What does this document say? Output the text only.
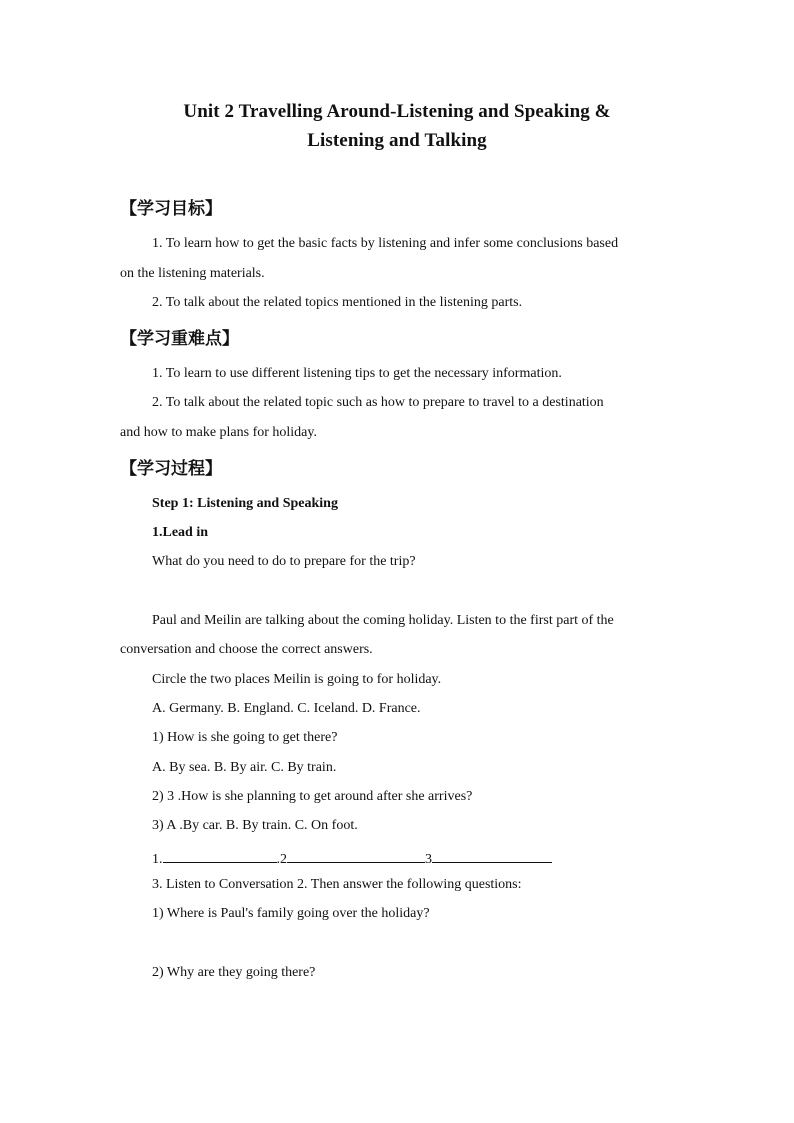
Unit 2 Travelling Around-Listening and Speaking &
Listening and Talking
【学习目标】
1. To learn how to get the basic facts by listening and infer some conclusions based
on the listening materials.
2. To talk about the related topics mentioned in the listening parts.
【学习重难点】
1. To learn to use different listening tips to get the necessary information.
2. To talk about the related topic such as how to prepare to travel to a destination
and how to make plans for holiday.
【学习过程】
Step 1: Listening and Speaking
1.Lead in
What do you need to do to prepare for the trip?
Paul and Meilin are talking about the coming holiday. Listen to the first part of the
conversation and choose the correct answers.
Circle the two places Meilin is going to for holiday.
A. Germany. B. England. C. Iceland. D. France.
1) How is she going to get there?
A. By sea. B. By air. C. By train.
2) 3 .How is she planning to get around after she arrives?
3) A .By car. B. By train. C. On foot.
1.	.2	3
3. Listen to Conversation 2. Then answer the following questions:
1) Where is Paul's family going over the holiday?
2) Why are they going there?
